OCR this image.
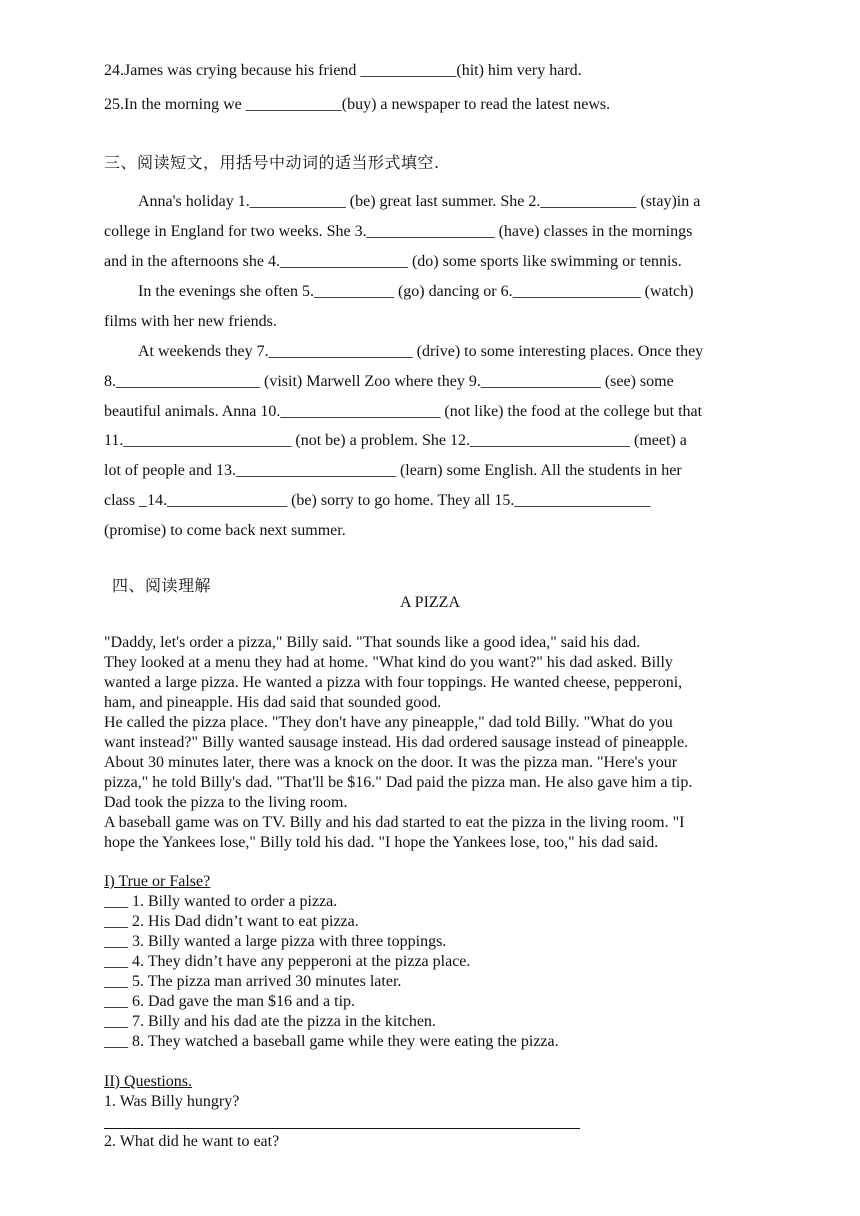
24.James was crying because his friend ____________(hit) him very hard.
25.In the morning we ____________(buy) a newspaper to read the latest news.
三、阅读短文，用括号中动词的适当形式填空.
Anna's holiday 1.____________ (be) great last summer. She 2.____________ (stay)in a
college in England for two weeks. She 3.________________ (have) classes in the mornings
and in the afternoons she 4.________________ (do) some sports like swimming or tennis.
In the evenings she often 5.__________ (go) dancing or 6.________________ (watch)
films with her new friends.
At weekends they 7.__________________ (drive) to some interesting places. Once they
8.__________________ (visit) Marwell Zoo where they 9._______________ (see) some
beautiful animals. Anna 10.____________________ (not like) the food at the college but that
11._____________________ (not be) a problem. She 12.____________________ (meet) a
lot of people and 13.____________________ (learn) some English. All the students in her
class _14._______________ (be) sorry to go home. They all 15._________________
(promise) to come back next summer.
四、阅读理解
A PIZZA
"Daddy, let's order a pizza," Billy said. "That sounds like a good idea," said his dad.
They looked at a menu they had at home. "What kind do you want?" his dad asked. Billy
wanted a large pizza. He wanted a pizza with four toppings. He wanted cheese, pepperoni,
ham, and pineapple. His dad said that sounded good.
He called the pizza place. "They don't have any pineapple," dad told Billy. "What do you
want instead?" Billy wanted sausage instead. His dad ordered sausage instead of pineapple.
About 30 minutes later, there was a knock on the door. It was the pizza man. "Here's your
pizza," he told Billy's dad. "That'll be $16." Dad paid the pizza man. He also gave him a tip.
Dad took the pizza to the living room.
A baseball game was on TV. Billy and his dad started to eat the pizza in the living room. "I
hope the Yankees lose," Billy told his dad. "I hope the Yankees lose, too," his dad said.
I) True or False?
___ 1. Billy wanted to order a pizza.
___ 2. His Dad didn’t want to eat pizza.
___ 3. Billy wanted a large pizza with three toppings.
___ 4. They didn’t have any pepperoni at the pizza place.
___ 5. The pizza man arrived 30 minutes later.
___ 6. Dad gave the man $16 and a tip.
___ 7. Billy and his dad ate the pizza in the kitchen.
___ 8. They watched a baseball game while they were eating the pizza.
II) Questions.
1. Was Billy hungry?
2. What did he want to eat?
